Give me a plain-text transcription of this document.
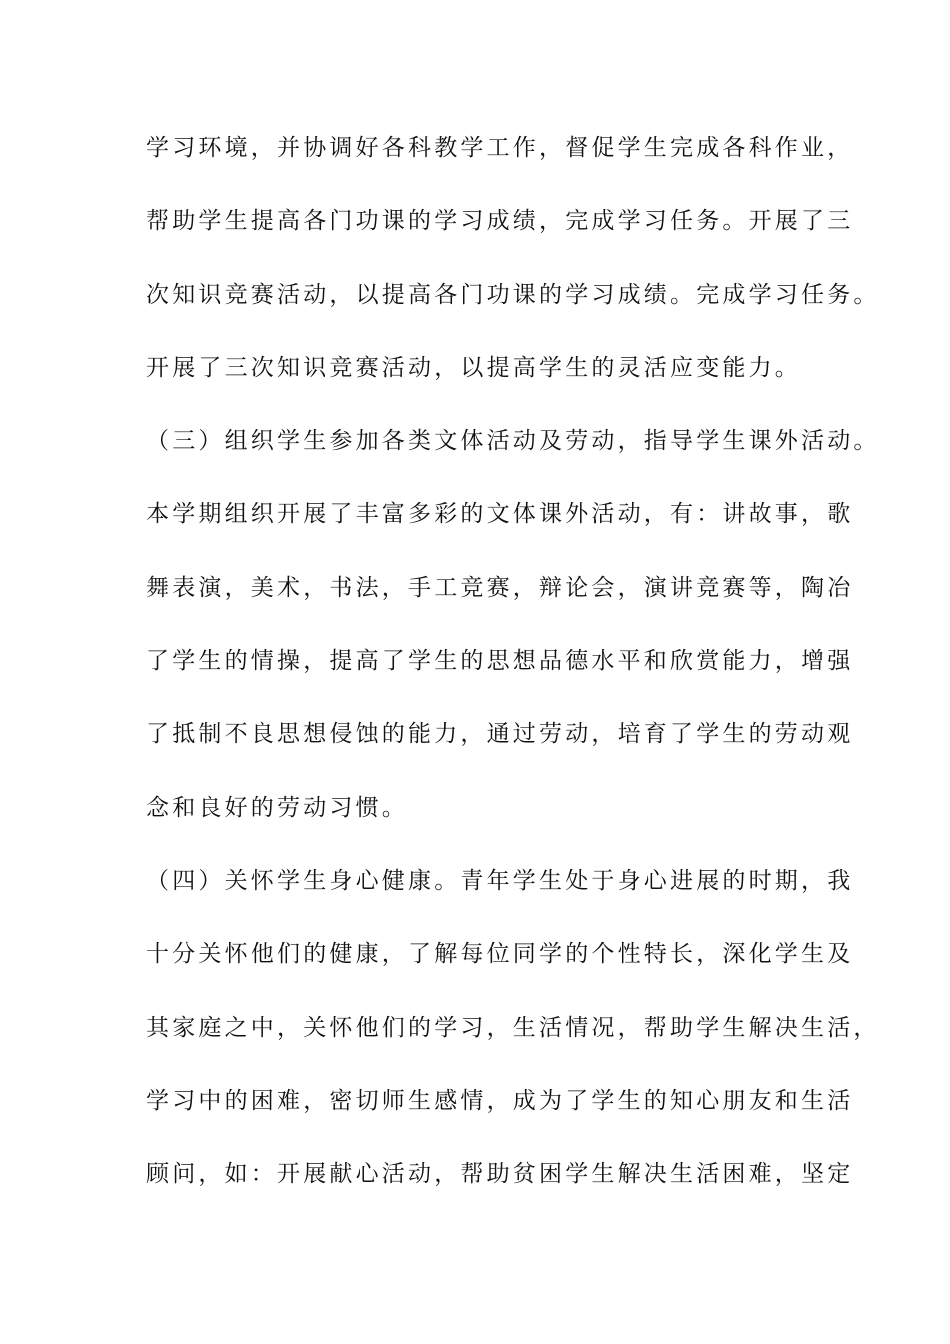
学习环境，并协调好各科教学工作，督促学生完成各科作业，
帮助学生提高各门功课的学习成绩，完成学习任务。开展了三
次知识竞赛活动，以提高各门功课的学习成绩。完成学习任务。
开展了三次知识竞赛活动，以提高学生的灵活应变能力。
（三）组织学生参加各类文体活动及劳动，指导学生课外活动。
本学期组织开展了丰富多彩的文体课外活动，有：讲故事，歌
舞表演，美术，书法，手工竞赛，辩论会，演讲竞赛等，陶冶
了学生的情操，提高了学生的思想品德水平和欣赏能力，增强
了抵制不良思想侵蚀的能力，通过劳动，培育了学生的劳动观
念和良好的劳动习惯。
（四）关怀学生身心健康。青年学生处于身心进展的时期，我
十分关怀他们的健康，了解每位同学的个性特长，深化学生及
其家庭之中，关怀他们的学习，生活情况，帮助学生解决生活，
学习中的困难，密切师生感情，成为了学生的知心朋友和生活
顾问，如：开展献心活动，帮助贫困学生解决生活困难，坚定
